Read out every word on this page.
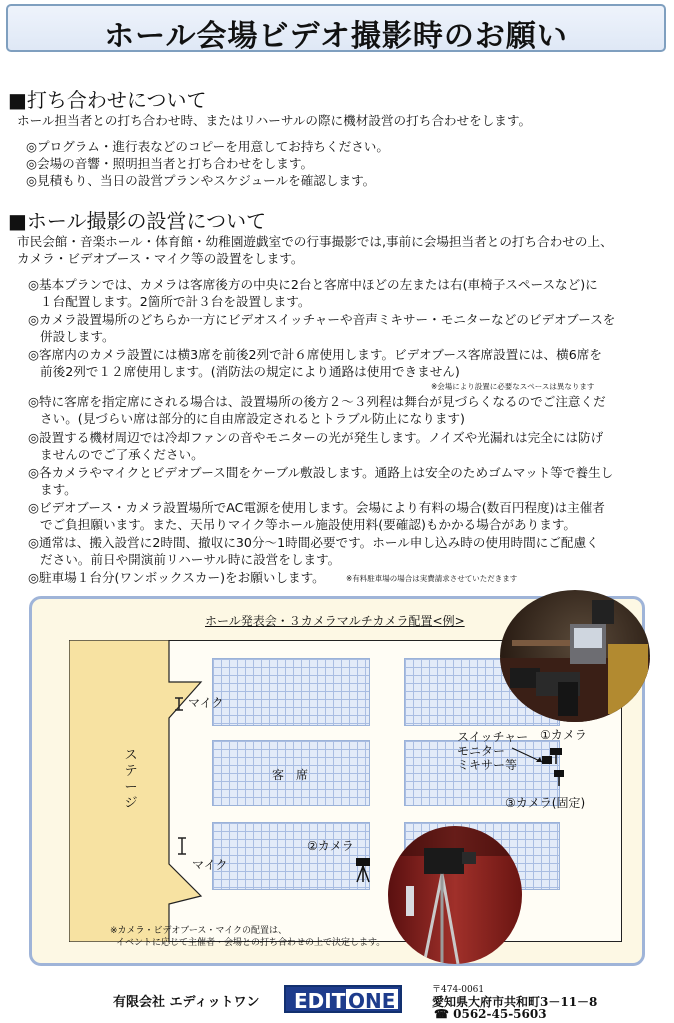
ホール会場ビデオ撮影時のお願い
■打ち合わせについて
ホール担当者との打ち合わせ時、またはリハーサルの際に機材設営の打ち合わせをします。
◎プログラム・進行表などのコピーを用意してお持ちください。
◎会場の音響・照明担当者と打ち合わせをします。
◎見積もり、当日の設営プランやスケジュールを確認します。
■ホール撮影の設営について
市民会館・音楽ホール・体育館・幼稚園遊戯室での行事撮影では,事前に会場担当者との打ち合わせの上、
カメラ・ビデオブース・マイク等の設置をします。
◎基本プランでは、カメラは客席後方の中央に2台と客席中ほどの左または右(車椅子スペースなど)に
１台配置します。2箇所で計３台を設置します。
◎カメラ設置場所のどちらか一方にビデオスイッチャーや音声ミキサー・モニターなどのビデオブースを
併設します。
◎客席内のカメラ設置には横3席を前後2列で計６席使用します。ビデオブース客席設置には、横6席を
前後2列で１２席使用します。(消防法の規定により通路は使用できません)
※会場により設置に必要なスペースは異なります
◎特に客席を指定席にされる場合は、設置場所の後方２～３列程は舞台が見づらくなるのでご注意くだ
さい。(見づらい席は部分的に自由席設定されるとトラブル防止になります)
◎設置する機材周辺では冷却ファンの音やモニターの光が発生します。ノイズや光漏れは完全には防げ
ませんのでご了承ください。
◎各カメラやマイクとビデオブース間をケーブル敷設します。通路上は安全のためゴムマット等で養生し
ます。
◎ビデオブース・カメラ設置場所でAC電源を使用します。会場により有料の場合(数百円程度)は主催者
でご負担願います。また、天吊りマイク等ホール施設使用料(要確認)もかかる場合があります。
◎通常は、搬入設営に2時間、撤収に30分～1時間必要です。ホール申し込み時の使用時間にご配慮く
ださい。前日や開演前リハーサル時に設営をします。
◎駐車場１台分(ワンボックスカー)をお願いします。	※有料駐車場の場合は実費請求させていただきます
ホール発表会・３カメラマルチカメラ配置<例>
ステージ
客　席
マイク
マイク
スイッチャー ①カメラ
モニター
ミキサー等
③カメラ(固定)
②カメラ
※カメラ・ビデオブース・マイクの配置は、
イベントに応じて主催者・会場との打ち合わせの上で決定します。
有限会社 エディットワン EDIT ONE	〒474-0061
愛知県大府市共和町3－11－8
☎ 0562-45-5603
